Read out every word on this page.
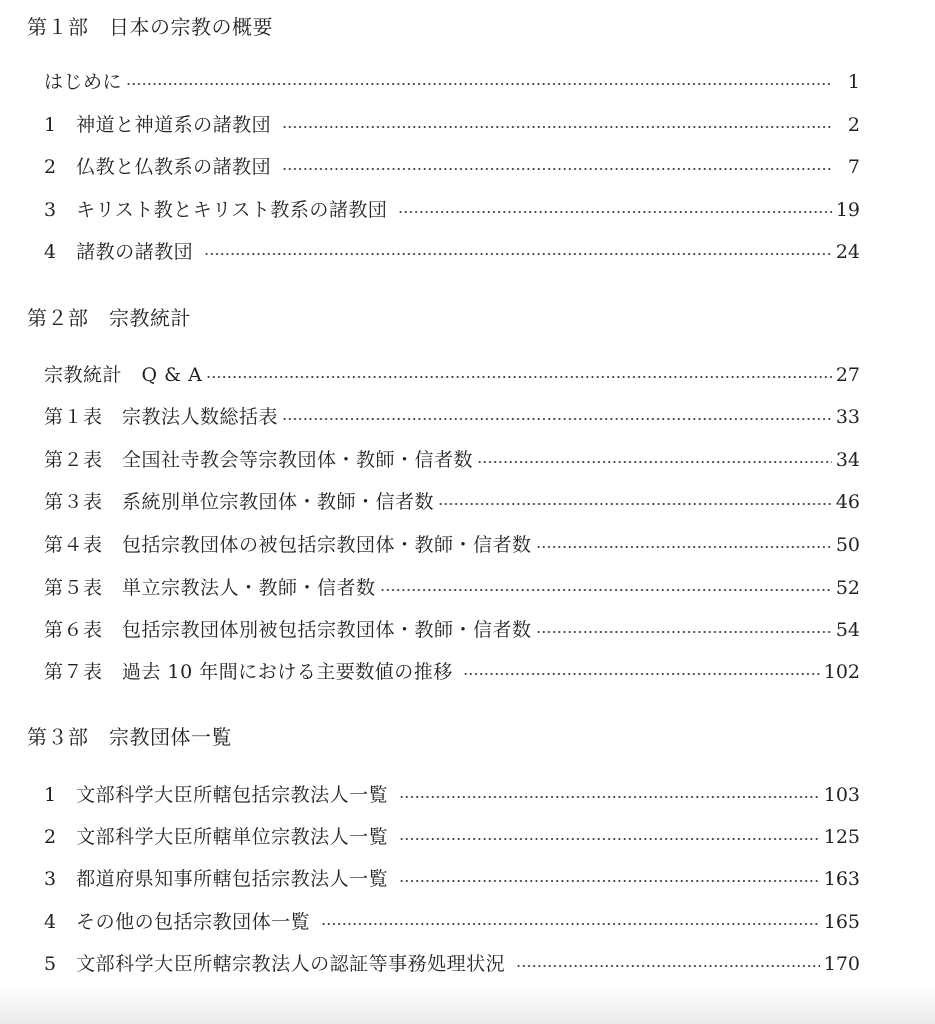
第１部　日本の宗教の概要
はじめに	1
1　神道と神道系の諸教団	2
2　仏教と仏教系の諸教団	7
3　キリスト教とキリスト教系の諸教団	19
4　諸教の諸教団	24
第２部　宗教統計
宗教統計　Q & A	27
第１表　宗教法人数総括表	33
第２表　全国社寺教会等宗教団体・教師・信者数	34
第３表　系統別単位宗教団体・教師・信者数	46
第４表　包括宗教団体の被包括宗教団体・教師・信者数	50
第５表　単立宗教法人・教師・信者数	52
第６表　包括宗教団体別被包括宗教団体・教師・信者数	54
第７表　過去 10 年間における主要数値の推移	102
第３部　宗教団体一覧
1　文部科学大臣所轄包括宗教法人一覧	103
2　文部科学大臣所轄単位宗教法人一覧	125
3　都道府県知事所轄包括宗教法人一覧	163
4　その他の包括宗教団体一覧	165
5　文部科学大臣所轄宗教法人の認証等事務処理状況	170
